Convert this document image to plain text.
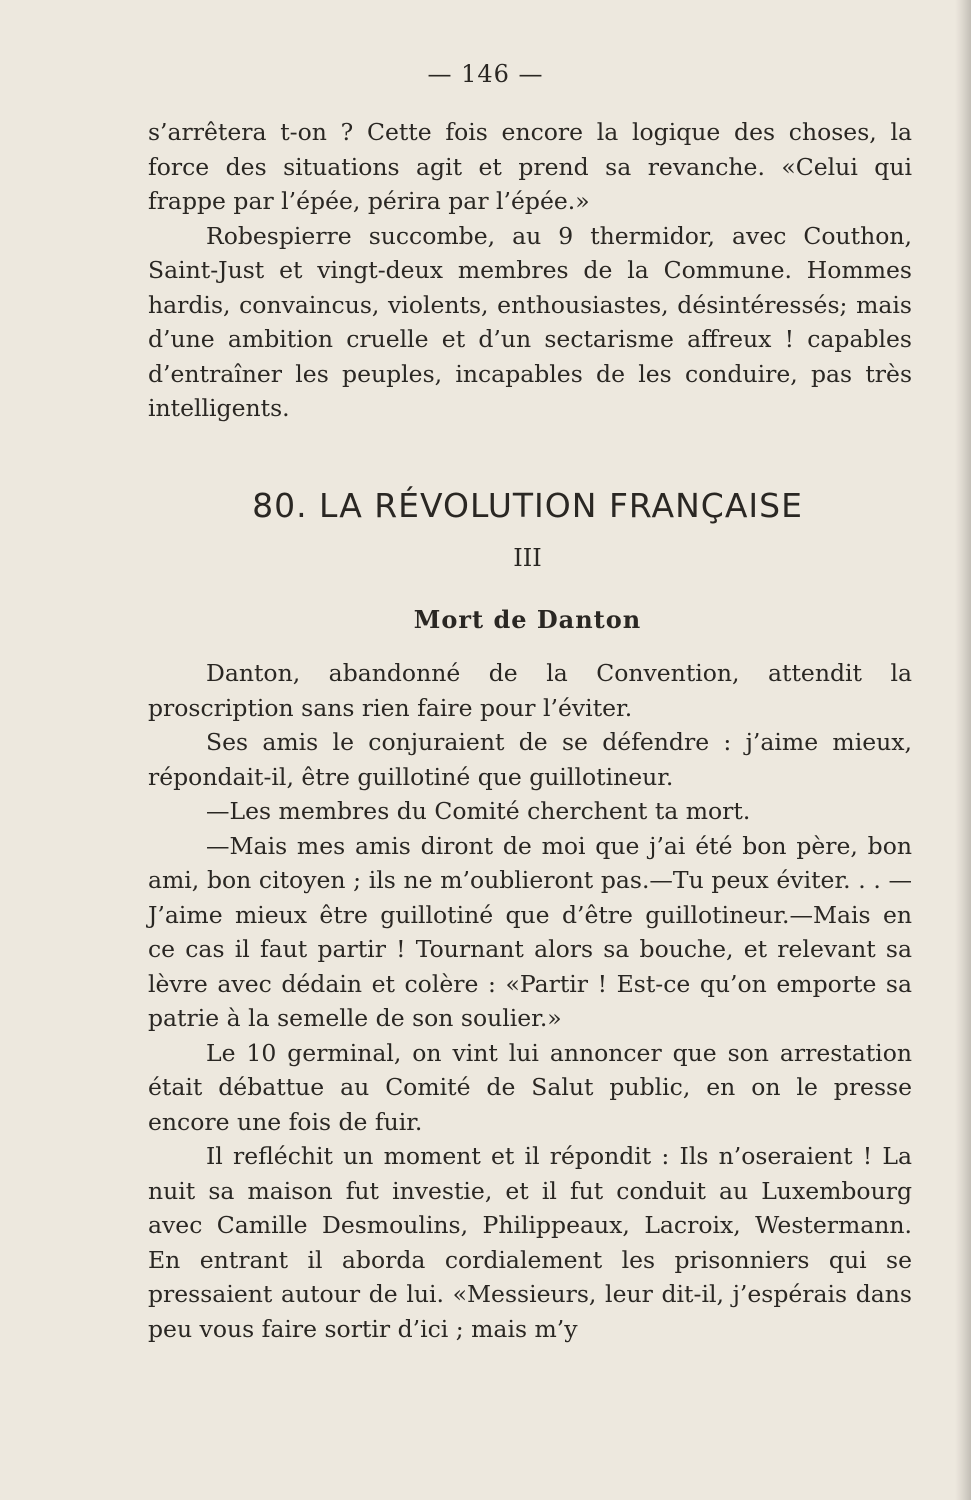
— 146 —

s’arrêtera t-on ? Cette fois encore la logique des choses, la force des situations agit et prend sa revanche. «Celui qui frappe par l’épée, périra par l’épée.»

Robespierre succombe, au 9 thermidor, avec Couthon, Saint-Just et vingt-deux membres de la Commune. Hommes hardis, convaincus, violents, enthousiastes, désintéressés; mais d’une ambition cruelle et d’un sectarisme affreux ! capables d’entraîner les peuples, incapables de les conduire, pas très intelligents.

80. LA RÉVOLUTION FRANÇAISE
III
Mort de Danton

Danton, abandonné de la Convention, attendit la proscription sans rien faire pour l’éviter.

Ses amis le conjuraient de se défendre : j’aime mieux, répondait-il, être guillotiné que guillotineur.

—Les membres du Comité cherchent ta mort.

—Mais mes amis diront de moi que j’ai été bon père, bon ami, bon citoyen ; ils ne m’oublieront pas.—Tu peux éviter. . . — J’aime mieux être guillotiné que d’être guillotineur.—Mais en ce cas il faut partir ! Tournant alors sa bouche, et relevant sa lèvre avec dédain et colère : «Partir ! Est-ce qu’on emporte sa patrie à la semelle de son soulier.»

Le 10 germinal, on vint lui annoncer que son arrestation était débattue au Comité de Salut public, en on le presse encore une fois de fuir.

Il refléchit un moment et il répondit : Ils n’oseraient ! La nuit sa maison fut investie, et il fut conduit au Luxembourg avec Camille Desmoulins, Philippeaux, Lacroix, Westermann. En entrant il aborda cordialement les prisonniers qui se pressaient autour de lui. «Messieurs, leur dit-il, j’espérais dans peu vous faire sortir d’ici ; mais m’y
